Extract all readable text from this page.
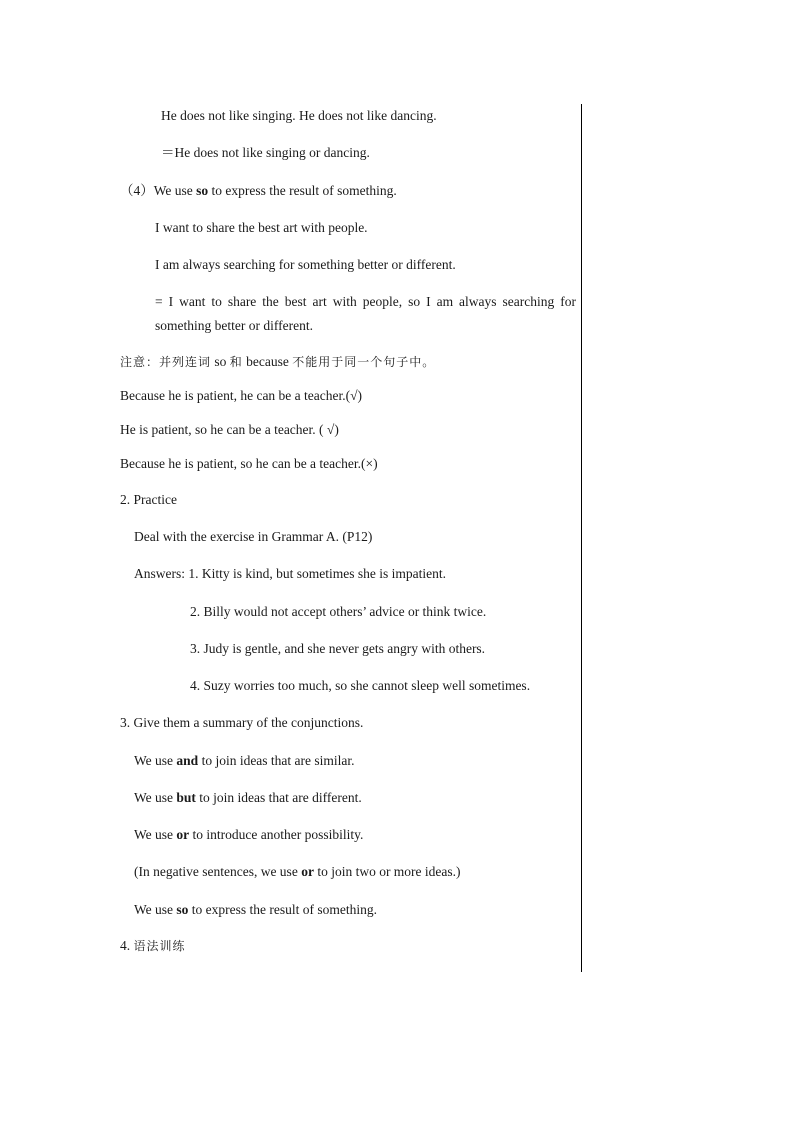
He does not like singing. He does not like dancing.
＝He does not like singing or dancing.
（4）We use so to express the result of something.
I want to share the best art with people.
I am always searching for something better or different.
= I want to share the best art with people, so I am always searching for something better or different.
注意：并列连词 so 和 because 不能用于同一个句子中。
Because he is patient, he can be a teacher.(√)
He is patient, so he can be a teacher. ( √)
Because he is patient, so he can be a teacher.(×)
2. Practice
Deal with the exercise in Grammar A. (P12)
Answers: 1. Kitty is kind, but sometimes she is impatient.
2. Billy would not accept others’ advice or think twice.
3. Judy is gentle, and she never gets angry with others.
4. Suzy worries too much, so she cannot sleep well sometimes.
3. Give them a summary of the conjunctions.
We use and to join ideas that are similar.
We use but to join ideas that are different.
We use or to introduce another possibility.
(In negative sentences, we use or to join two or more ideas.)
We use so to express the result of something.
4. 语法训练
